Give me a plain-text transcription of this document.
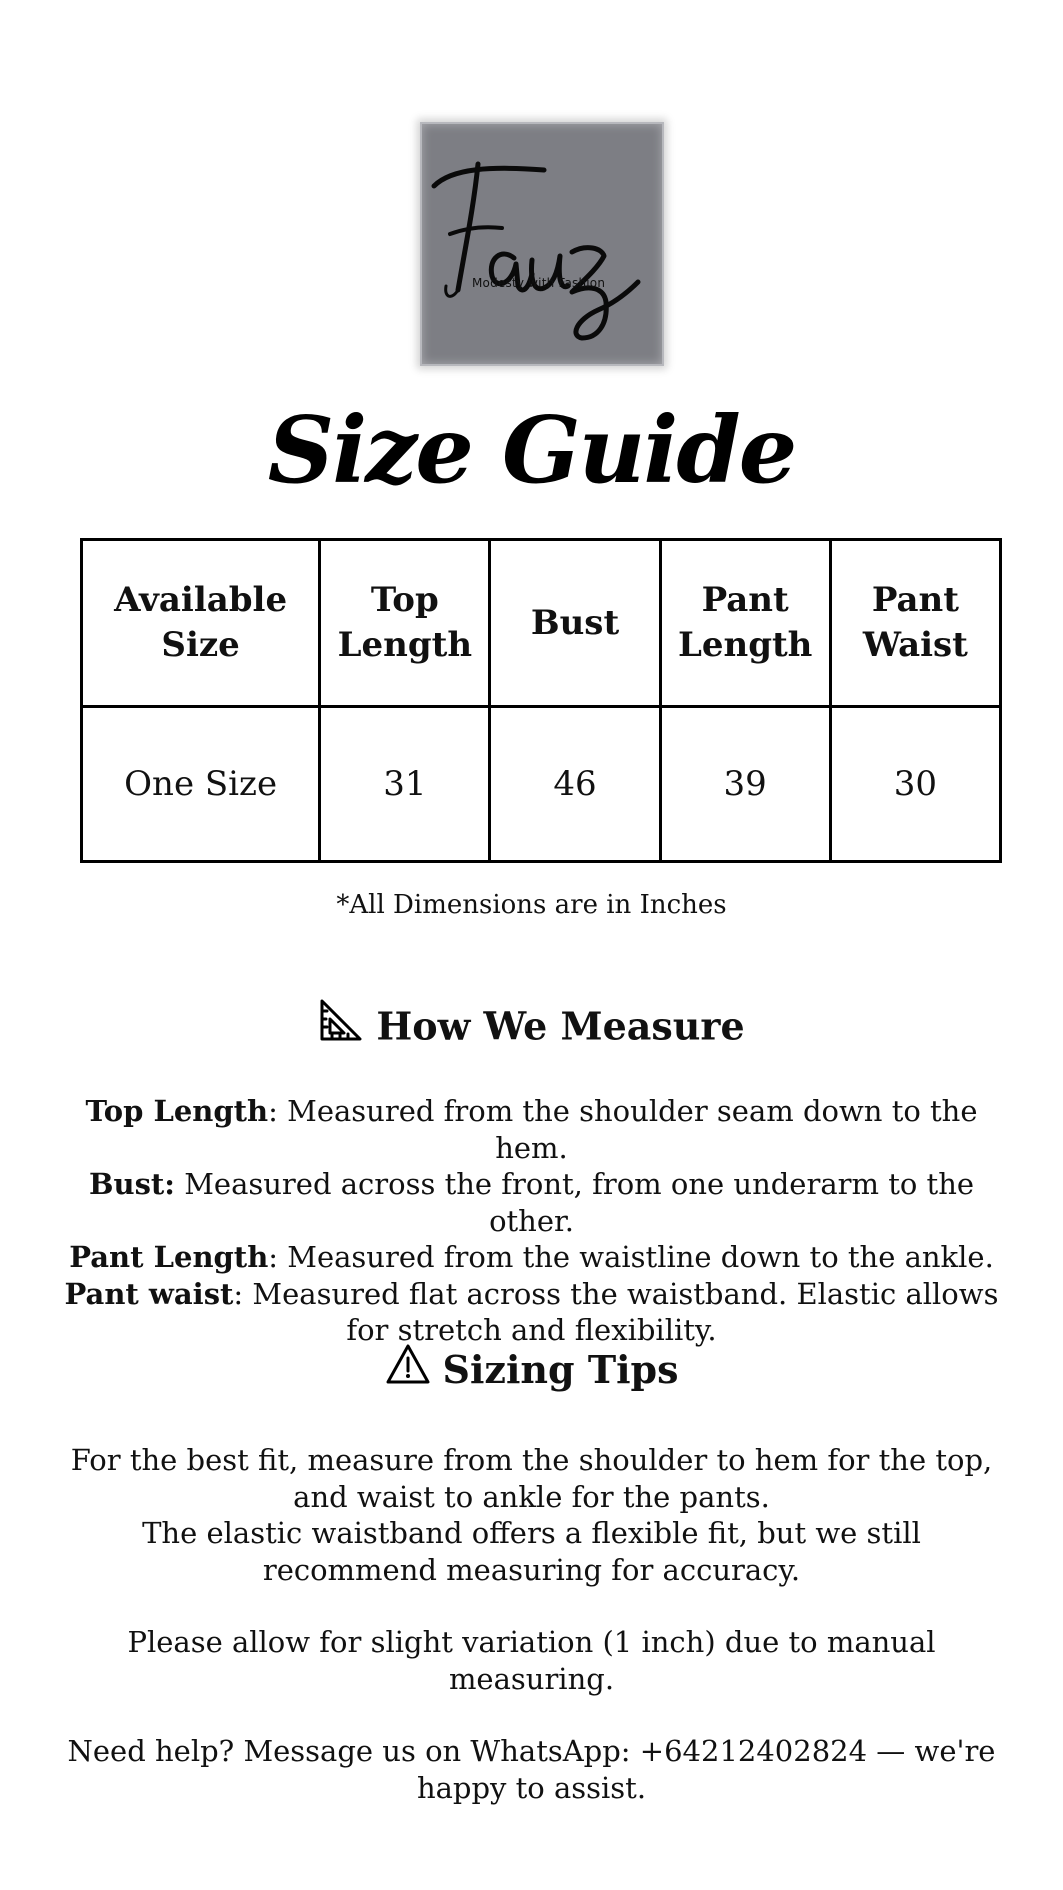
Modesty with Fashion
Size Guide
Available Size	Top Length	Bust	Pant Length	Pant Waist
One Size	31	46	39	30
*All Dimensions are in Inches
How We Measure
Top Length: Measured from the shoulder seam down to the hem.
Bust: Measured across the front, from one underarm to the other.
Pant Length: Measured from the waistline down to the ankle.
Pant waist: Measured flat across the waistband. Elastic allows for stretch and flexibility.
Sizing Tips

For the best fit, measure from the shoulder to hem for the top, and waist to ankle for the pants.

The elastic waistband offers a flexible fit, but we still recommend measuring for accuracy.

Please allow for slight variation (1 inch) due to manual measuring.

Need help? Message us on WhatsApp: +64212402824 — we're happy to assist.
